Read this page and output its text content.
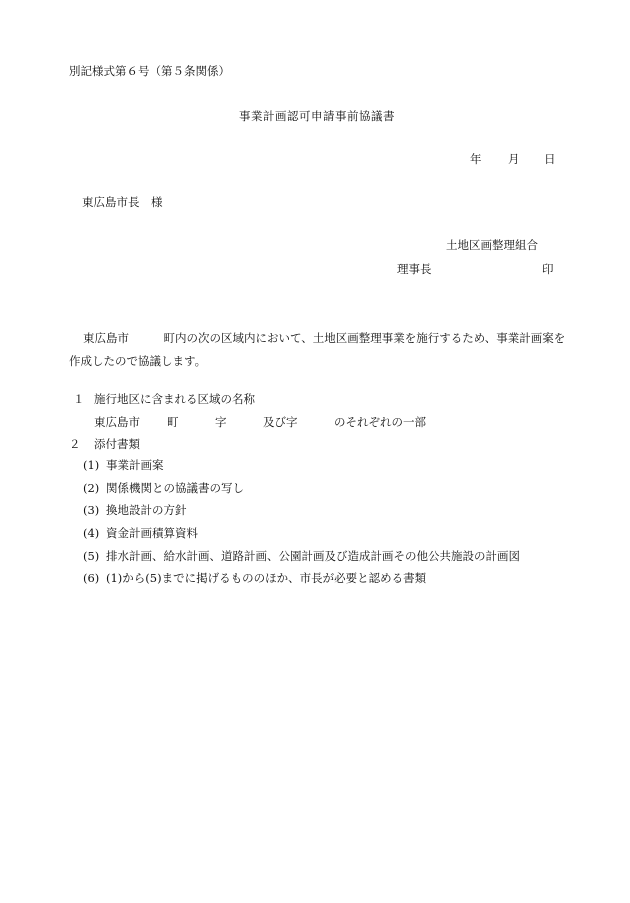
別記様式第６号（第５条関係）
事業計画認可申請事前協議書
年 月 日
東広島市長　様
土地区画整理組合
理事長	印
東広島市　　　町内の次の区域内において、土地区画整理事業を施行するため、事業計画案を作成したので協議します。
１ 施行地区に含まれる区域の名称
東広島市 町	字	及び字	のそれぞれの一部
２ 添付書類
(1) 事業計画案
(2) 関係機関との協議書の写し
(3) 換地設計の方針
(4) 資金計画積算資料
(5) 排水計画、給水計画、道路計画、公園計画及び造成計画その他公共施設の計画図
(6) (1)から(5)までに掲げるもののほか、市長が必要と認める書類
